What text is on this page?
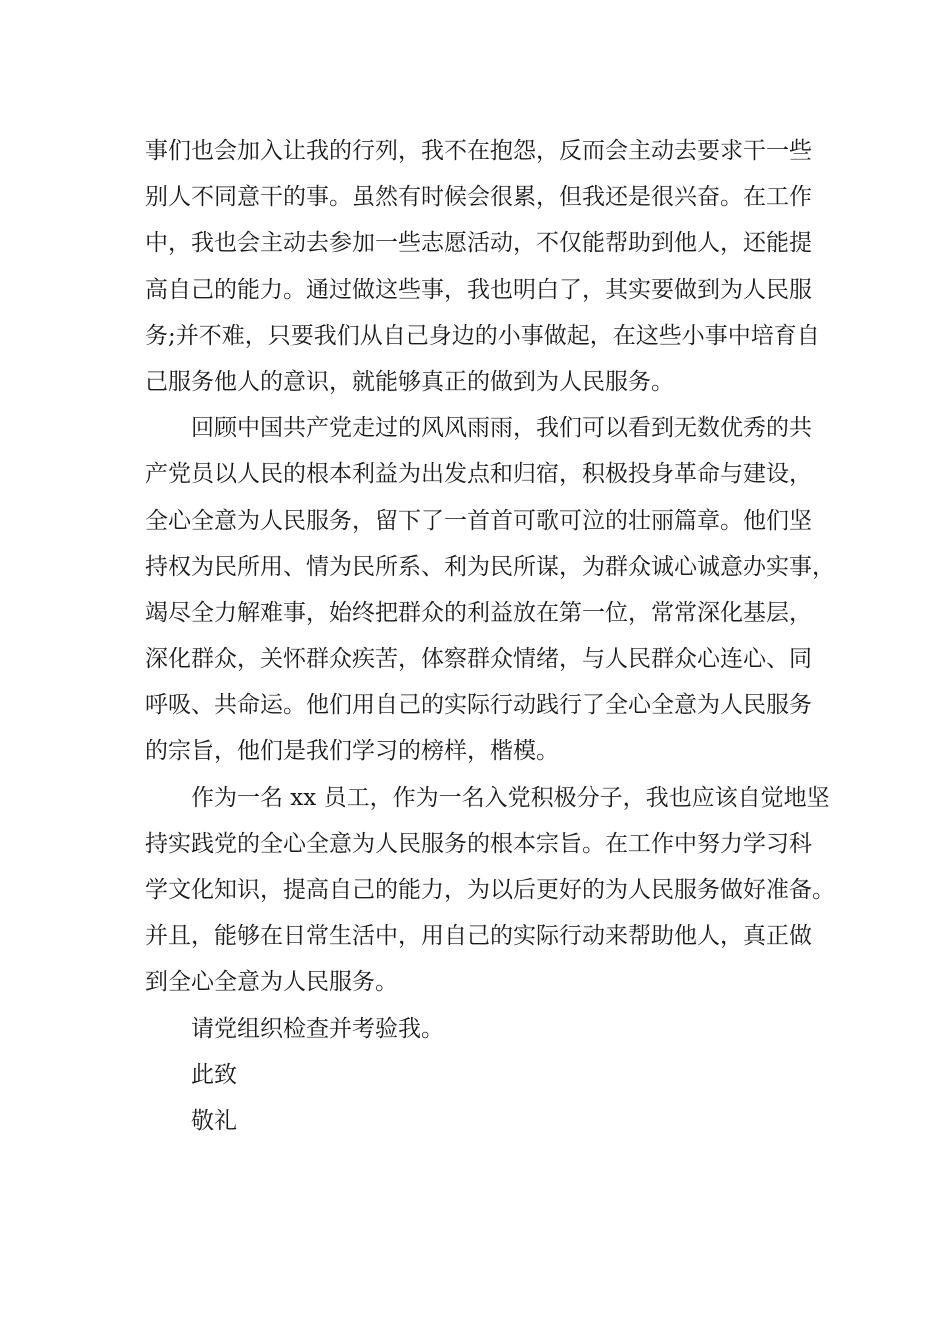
事们也会加入让我的行列，我不在抱怨，反而会主动去要求干一些
别人不同意干的事。虽然有时候会很累，但我还是很兴奋。在工作
中，我也会主动去参加一些志愿活动，不仅能帮助到他人，还能提
高自己的能力。通过做这些事，我也明白了，其实要做到为人民服
务;并不难，只要我们从自己身边的小事做起，在这些小事中培育自
己服务他人的意识，就能够真正的做到为人民服务。
回顾中国共产党走过的风风雨雨，我们可以看到无数优秀的共
产党员以人民的根本利益为出发点和归宿，积极投身革命与建设，
全心全意为人民服务，留下了一首首可歌可泣的壮丽篇章。他们坚
持权为民所用、情为民所系、利为民所谋，为群众诚心诚意办实事，
竭尽全力解难事，始终把群众的利益放在第一位，常常深化基层，
深化群众，关怀群众疾苦，体察群众情绪，与人民群众心连心、同
呼吸、共命运。他们用自己的实际行动践行了全心全意为人民服务
的宗旨，他们是我们学习的榜样，楷模。
作为一名 xx 员工，作为一名入党积极分子，我也应该自觉地坚
持实践党的全心全意为人民服务的根本宗旨。在工作中努力学习科
学文化知识，提高自己的能力，为以后更好的为人民服务做好准备。
并且，能够在日常生活中，用自己的实际行动来帮助他人，真正做
到全心全意为人民服务。
请党组织检查并考验我。
此致
敬礼
